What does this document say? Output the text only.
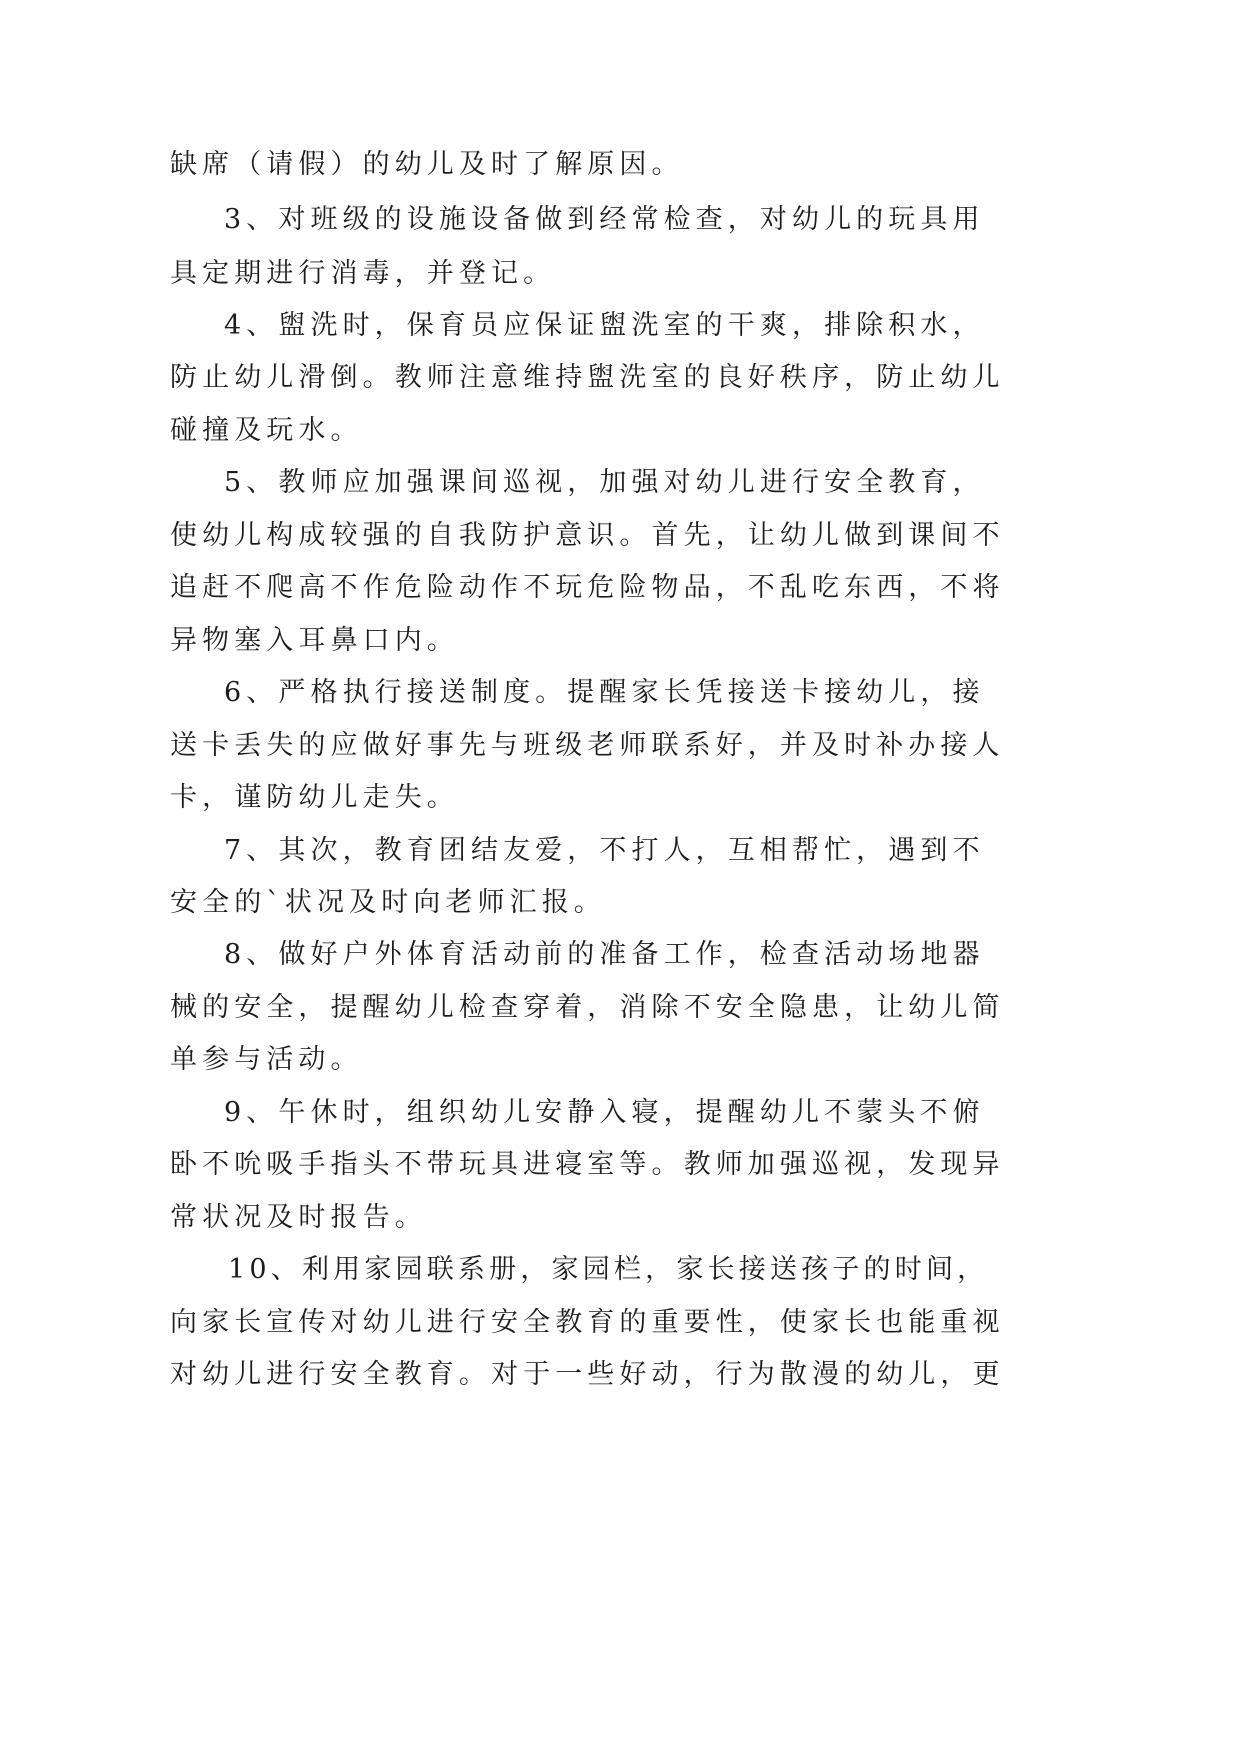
缺席（请假）的幼儿及时了解原因。
3、对班级的设施设备做到经常检查，对幼儿的玩具用
具定期进行消毒，并登记。
4、盥洗时，保育员应保证盥洗室的干爽，排除积水，
防止幼儿滑倒。教师注意维持盥洗室的良好秩序，防止幼儿
碰撞及玩水。
5、教师应加强课间巡视，加强对幼儿进行安全教育，
使幼儿构成较强的自我防护意识。首先，让幼儿做到课间不
追赶不爬高不作危险动作不玩危险物品，不乱吃东西，不将
异物塞入耳鼻口内。
6、严格执行接送制度。提醒家长凭接送卡接幼儿，接
送卡丢失的应做好事先与班级老师联系好，并及时补办接人
卡，谨防幼儿走失。
7、其次，教育团结友爱，不打人，互相帮忙，遇到不
安全的`状况及时向老师汇报。
8、做好户外体育活动前的准备工作，检查活动场地器
械的安全，提醒幼儿检查穿着，消除不安全隐患，让幼儿简
单参与活动。
9、午休时，组织幼儿安静入寝，提醒幼儿不蒙头不俯
卧不吮吸手指头不带玩具进寝室等。教师加强巡视，发现异
常状况及时报告。
10、利用家园联系册，家园栏，家长接送孩子的时间，
向家长宣传对幼儿进行安全教育的重要性，使家长也能重视
对幼儿进行安全教育。对于一些好动，行为散漫的幼儿，更
